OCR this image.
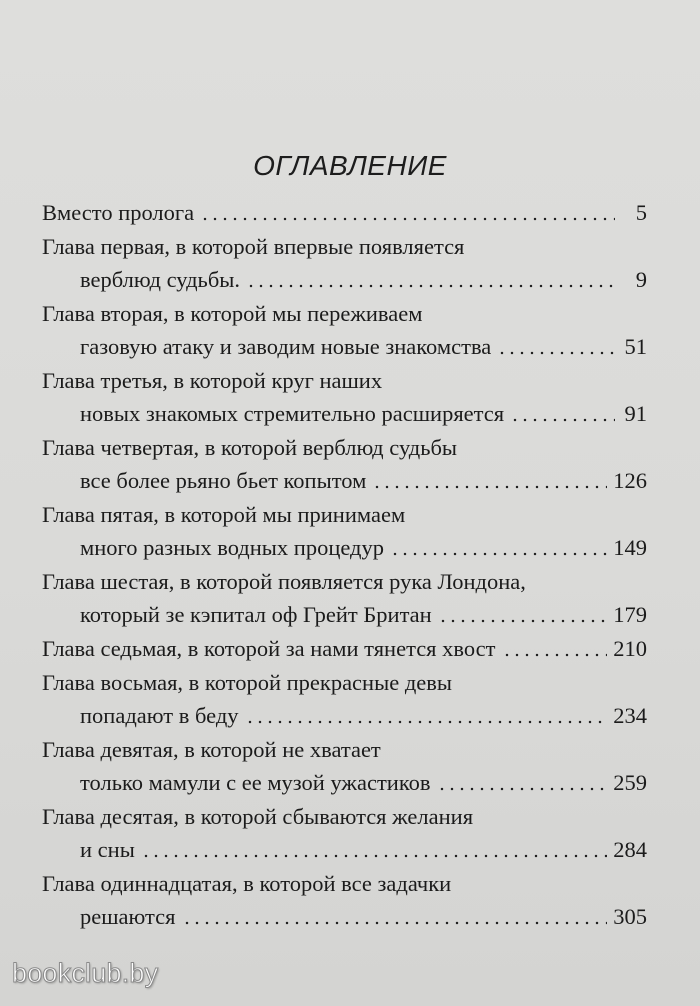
ОГЛАВЛЕНИЕ
Вместо пролога	5
Глава первая, в которой впервые появляется
верблюд судьбы.	9
Глава вторая, в которой мы переживаем
газовую атаку и заводим новые знакомства	51
Глава третья, в которой круг наших
новых знакомых стремительно расширяется	91
Глава четвертая, в которой верблюд судьбы
все более рьяно бьет копытом	126
Глава пятая, в которой мы принимаем
много разных водных процедур	149
Глава шестая, в которой появляется рука Лондона,
который зе кэпитал оф Грейт Британ	179
Глава седьмая, в которой за нами тянется хвост	210
Глава восьмая, в которой прекрасные девы
попадают в беду	234
Глава девятая, в которой не хватает
только мамули с ее музой ужастиков	259
Глава десятая, в которой сбываются желания
и сны	284
Глава одиннадцатая, в которой все задачки
решаются	305
bookclub.by
